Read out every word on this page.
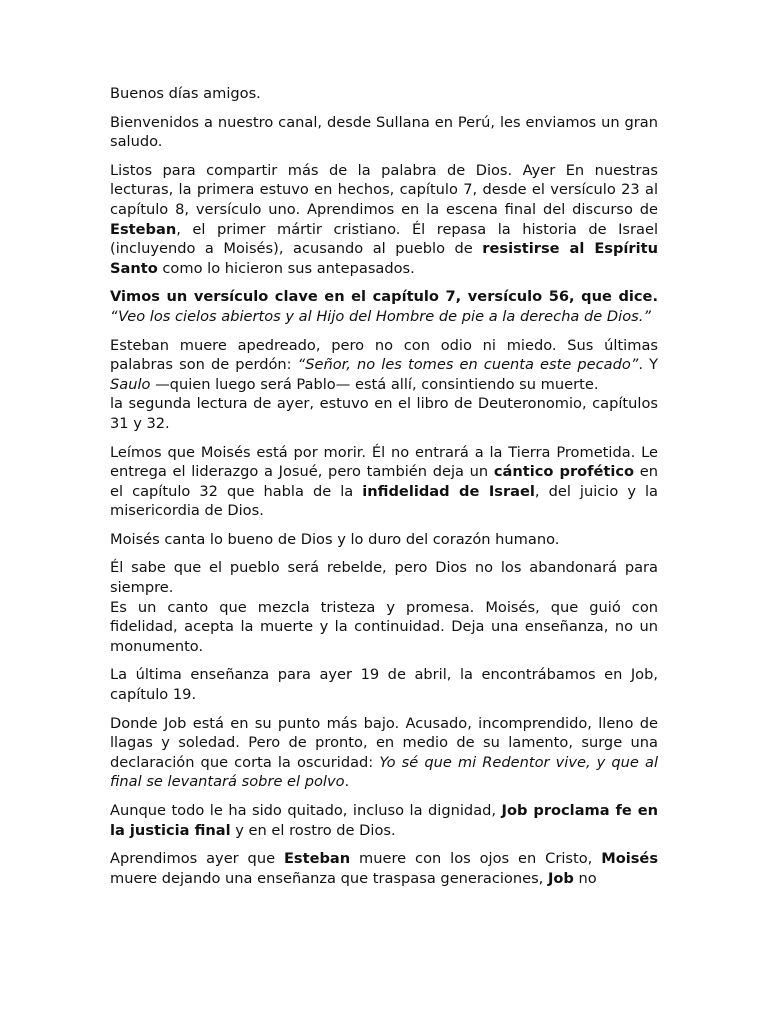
Buenos días amigos.

Bienvenidos a nuestro canal, desde Sullana en Perú, les enviamos un gran saludo.

Listos para compartir más de la palabra de Dios. Ayer En nuestras lecturas, la primera estuvo en hechos, capítulo 7, desde el versículo 23 al capítulo 8, versículo uno. Aprendimos en la escena final del discurso de Esteban, el primer mártir cristiano. Él repasa la historia de Israel (incluyendo a Moisés), acusando al pueblo de resistirse al Espíritu Santo como lo hicieron sus antepasados.

Vimos un versículo clave en el capítulo 7, versículo 56, que dice. “Veo los cielos abiertos y al Hijo del Hombre de pie a la derecha de Dios.”

Esteban muere apedreado, pero no con odio ni miedo. Sus últimas palabras son de perdón: “Señor, no les tomes en cuenta este pecado”. Y Saulo —quien luego será Pablo— está allí, consintiendo su muerte.
la segunda lectura de ayer, estuvo en el libro de Deuteronomio, capítulos 31 y 32.

Leímos que Moisés está por morir. Él no entrará a la Tierra Prometida. Le entrega el liderazgo a Josué, pero también deja un cántico profético en el capítulo 32 que habla de la infidelidad de Israel, del juicio y la misericordia de Dios.

Moisés canta lo bueno de Dios y lo duro del corazón humano.

Él sabe que el pueblo será rebelde, pero Dios no los abandonará para siempre.
Es un canto que mezcla tristeza y promesa. Moisés, que guió con fidelidad, acepta la muerte y la continuidad. Deja una enseñanza, no un monumento.

La última enseñanza para ayer 19 de abril, la encontrábamos en Job, capítulo 19.

Donde Job está en su punto más bajo. Acusado, incomprendido, lleno de llagas y soledad. Pero de pronto, en medio de su lamento, surge una declaración que corta la oscuridad: Yo sé que mi Redentor vive, y que al final se levantará sobre el polvo.

Aunque todo le ha sido quitado, incluso la dignidad, Job proclama fe en la justicia final y en el rostro de Dios.

Aprendimos ayer que Esteban muere con los ojos en Cristo, Moisés muere dejando una enseñanza que traspasa generaciones, Job no
